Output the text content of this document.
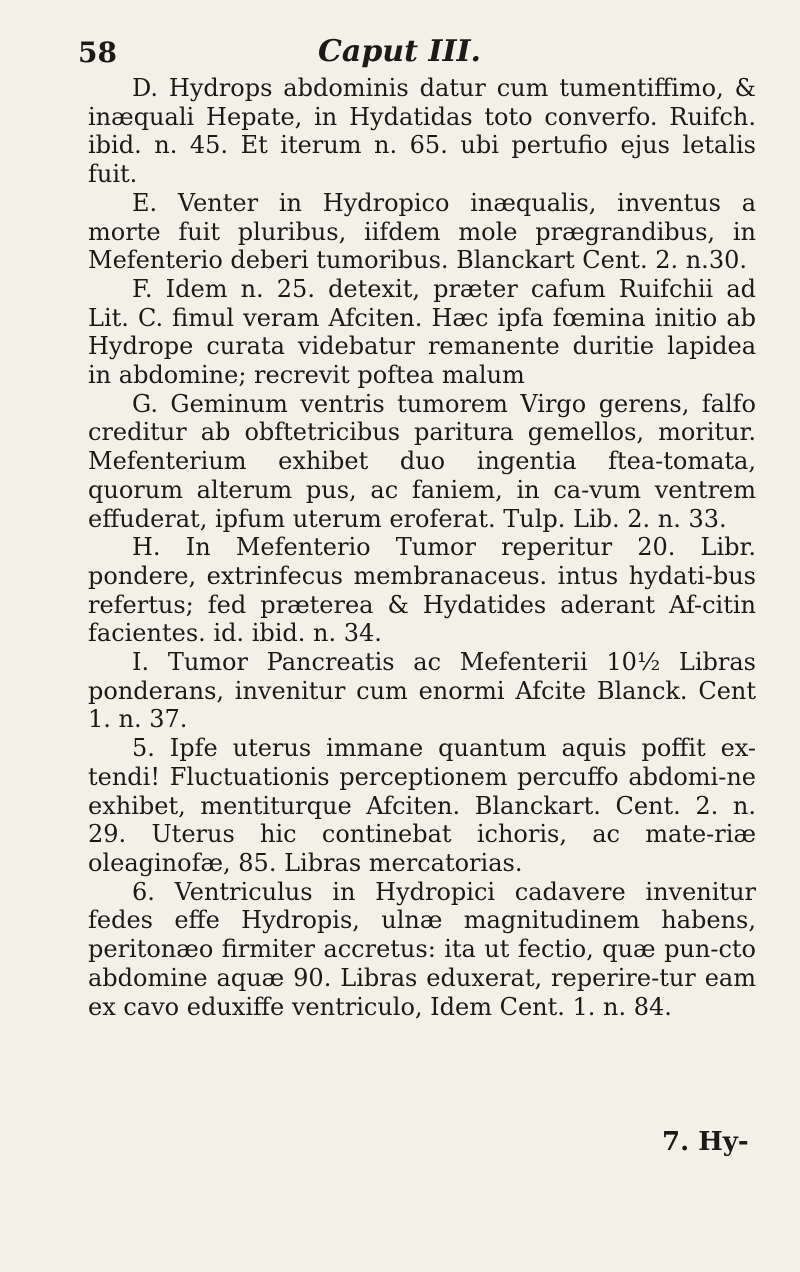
58	Caput III.

D. Hydrops abdominis datur cum tumentiffimo, & inæquali Hepate, in Hydatidas toto converfo. Ruifch. ibid. n. 45. Et iterum n. 65. ubi pertufio ejus letalis fuit.

E. Venter in Hydropico inæqualis, inventus a morte fuit pluribus, iifdem mole prægrandibus, in Mefenterio deberi tumoribus. Blanckart Cent. 2. n.30.

F. Idem n. 25. detexit, præter cafum Ruifchii ad Lit. C. fimul veram Afciten. Hæc ipfa fœmina initio ab Hydrope curata videbatur remanente duritie lapidea in abdomine; recrevit poftea malum

G. Geminum ventris tumorem Virgo gerens, falfo creditur ab obftetricibus paritura gemellos, moritur. Mefenterium exhibet duo ingentia ftea-tomata, quorum alterum pus, ac faniem, in ca-vum ventrem effuderat, ipfum uterum eroferat. Tulp. Lib. 2. n. 33.

H. In Mefenterio Tumor reperitur 20. Libr. pondere, extrinfecus membranaceus. intus hydati-bus refertus; fed præterea & Hydatides aderant Af-citin facientes. id. ibid. n. 34.

I. Tumor Pancreatis ac Mefenterii 10½ Libras ponderans, invenitur cum enormi Afcite Blanck. Cent 1. n. 37.

5. Ipfe uterus immane quantum aquis poffit ex-tendi! Fluctuationis perceptionem percuffo abdomi-ne exhibet, mentiturque Afciten. Blanckart. Cent. 2. n. 29. Uterus hic continebat ichoris, ac mate-riæ oleaginofæ, 85. Libras mercatorias.

6. Ventriculus in Hydropici cadavere invenitur fedes effe Hydropis, ulnæ magnitudinem habens, peritonæo firmiter accretus: ita ut fectio, quæ pun-cto abdomine aquæ 90. Libras eduxerat, reperire-tur eam ex cavo eduxiffe ventriculo, Idem Cent. 1. n. 84.

7. Hy-
